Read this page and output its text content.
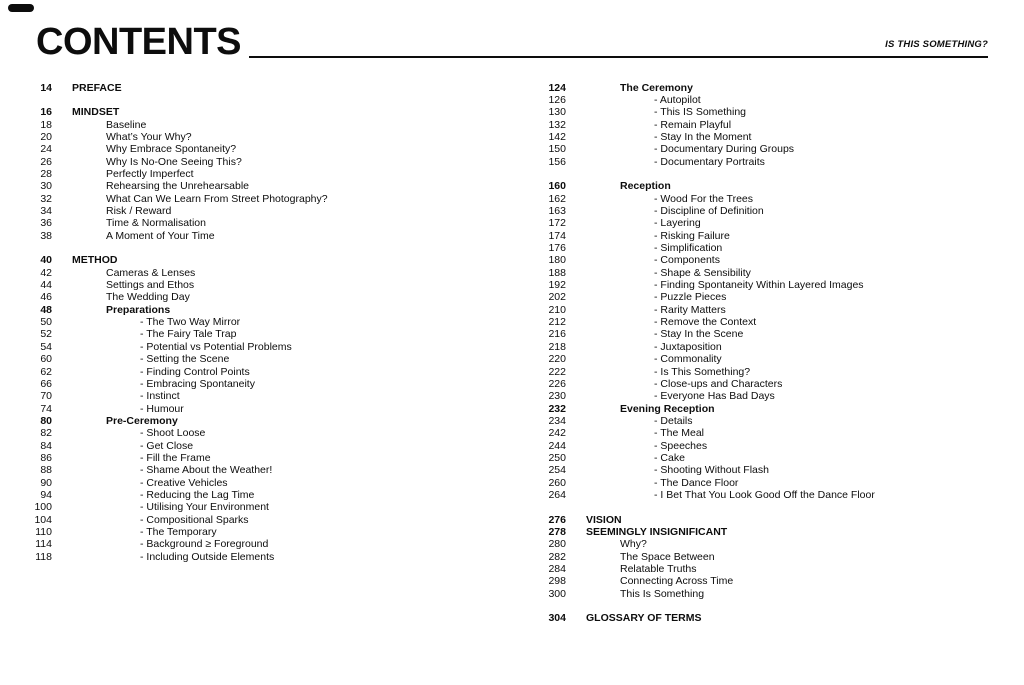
CONTENTS	IS THIS SOMETHING?
14	PREFACE
16	MINDSET
18	Baseline
20	What’s Your Why?
24	Why Embrace Spontaneity?
26	Why Is No-One Seeing This?
28	Perfectly Imperfect
30	Rehearsing the Unrehearsable
32	What Can We Learn From Street Photography?
34	Risk / Reward
36	Time & Normalisation
38	A Moment of Your Time
40	METHOD
42	Cameras & Lenses
44	Settings and Ethos
46	The Wedding Day
48	Preparations
50	- The Two Way Mirror
52	- The Fairy Tale Trap
54	- Potential vs Potential Problems
60	- Setting the Scene
62	- Finding Control Points
66	- Embracing Spontaneity
70	- Instinct
74	- Humour
80	Pre-Ceremony
82	- Shoot Loose
84	- Get Close
86	- Fill the Frame
88	- Shame About the Weather!
90	- Creative Vehicles
94	- Reducing the Lag Time
100	- Utilising Your Environment
104	- Compositional Sparks
110	- The Temporary
114	- Background ≥ Foreground
118	- Including Outside Elements
124	The Ceremony
126	- Autopilot
130	- This IS Something
132	- Remain Playful
142	- Stay In the Moment
150	- Documentary During Groups
156	- Documentary Portraits
160	Reception
162	- Wood For the Trees
163	- Discipline of Definition
172	- Layering
174	- Risking Failure
176	- Simplification
180	- Components
188	- Shape & Sensibility
192	- Finding Spontaneity Within Layered Images
202	- Puzzle Pieces
210	- Rarity Matters
212	- Remove the Context
216	- Stay In the Scene
218	- Juxtaposition
220	- Commonality
222	- Is This Something?
226	- Close-ups and Characters
230	- Everyone Has Bad Days
232	Evening Reception
234	- Details
242	- The Meal
244	- Speeches
250	- Cake
254	- Shooting Without Flash
260	- The Dance Floor
264	- I Bet That You Look Good Off the Dance Floor
276	VISION
278	SEEMINGLY INSIGNIFICANT
280	Why?
282	The Space Between
284	Relatable Truths
298	Connecting Across Time
300	This Is Something
304	GLOSSARY OF TERMS
